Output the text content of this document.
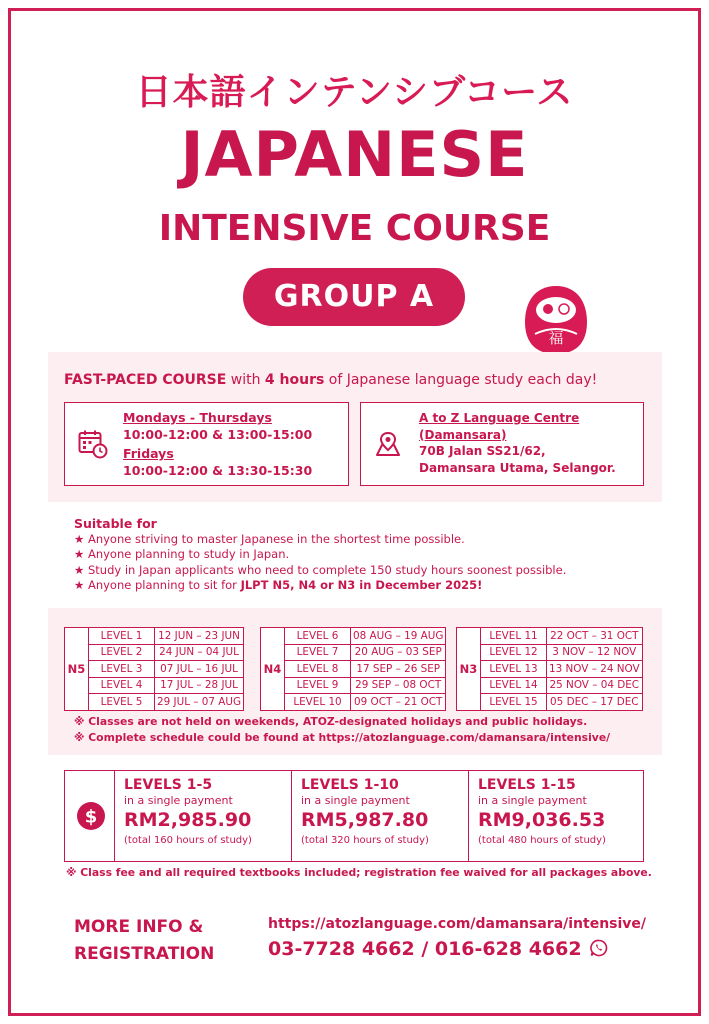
日本語インテンシブコース
JAPANESE
INTENSIVE COURSE
GROUP A
福
FAST-PACED COURSE with 4 hours of Japanese language study each day!
Mondays - Thursdays
10:00-12:00 & 13:00-15:00
Fridays
10:00-12:00 & 13:30-15:30
A to Z Language Centre (Damansara)
70B Jalan SS21/62,
Damansara Utama, Selangor.
Suitable for
★ Anyone striving to master Japanese in the shortest time possible.
★ Anyone planning to study in Japan.
★ Study in Japan applicants who need to complete 150 study hours soonest possible.
★ Anyone planning to sit for JLPT N5, N4 or N3 in December 2025!
N5	LEVEL 1	12 JUN – 23 JUN
	LEVEL 2	24 JUN – 04 JUL
	LEVEL 3	07 JUL – 16 JUL
	LEVEL 4	17 JUL – 28 JUL
	LEVEL 5	29 JUL – 07 AUG
N4	LEVEL 6	08 AUG – 19 AUG
	LEVEL 7	20 AUG – 03 SEP
	LEVEL 8	17 SEP – 26 SEP
	LEVEL 9	29 SEP – 08 OCT
	LEVEL 10	09 OCT – 21 OCT
N3	LEVEL 11	22 OCT – 31 OCT
	LEVEL 12	3 NOV – 12 NOV
	LEVEL 13	13 NOV – 24 NOV
	LEVEL 14	25 NOV – 04 DEC
	LEVEL 15	05 DEC – 17 DEC
※ Classes are not held on weekends, ATOZ-designated holidays and public holidays.
※ Complete schedule could be found at https://atozlanguage.com/damansara/intensive/
$
LEVELS 1-5
in a single payment
RM2,985.90
(total 160 hours of study)
LEVELS 1-10
in a single payment
RM5,987.80
(total 320 hours of study)
LEVELS 1-15
in a single payment
RM9,036.53
(total 480 hours of study)
※ Class fee and all required textbooks included; registration fee waived for all packages above.
MORE INFO &
REGISTRATION
https://atozlanguage.com/damansara/intensive/
03-7728 4662 / 016-628 4662
